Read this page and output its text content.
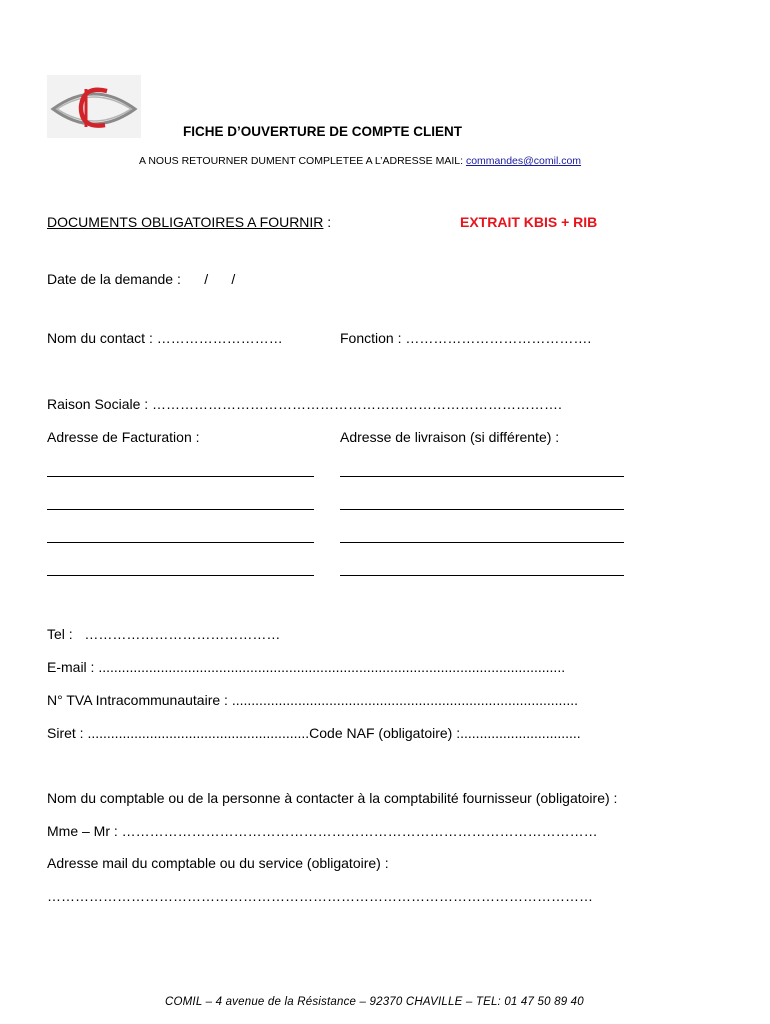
FICHE D’OUVERTURE DE COMPTE CLIENT
A NOUS RETOURNER DUMENT COMPLETEE A L’ADRESSE MAIL: commandes@comil.com
DOCUMENTS OBLIGATOIRES A FOURNIR :	EXTRAIT KBIS + RIB
Date de la demande :      /      /
Nom du contact : ………………………	Fonction : ………………………………….
Raison Sociale : …………………………………………………………………………….
Adresse de Facturation :	Adresse de livraison (si différente) :
Tel :   ……………………………………
E-mail : ........................................................................................................................
N° TVA Intracommunautaire : .........................................................................................
Siret : .........................................................Code NAF (obligatoire) :...............................
Nom du comptable ou de la personne à contacter à la comptabilité fournisseur (obligatoire) :
Mme – Mr : …………………………………………………………………………………………
Adresse mail du comptable ou du service (obligatoire) :
………………………………………………………………………………………………………
COMIL – 4 avenue de la Résistance – 92370 CHAVILLE – TEL: 01 47 50 89 40
